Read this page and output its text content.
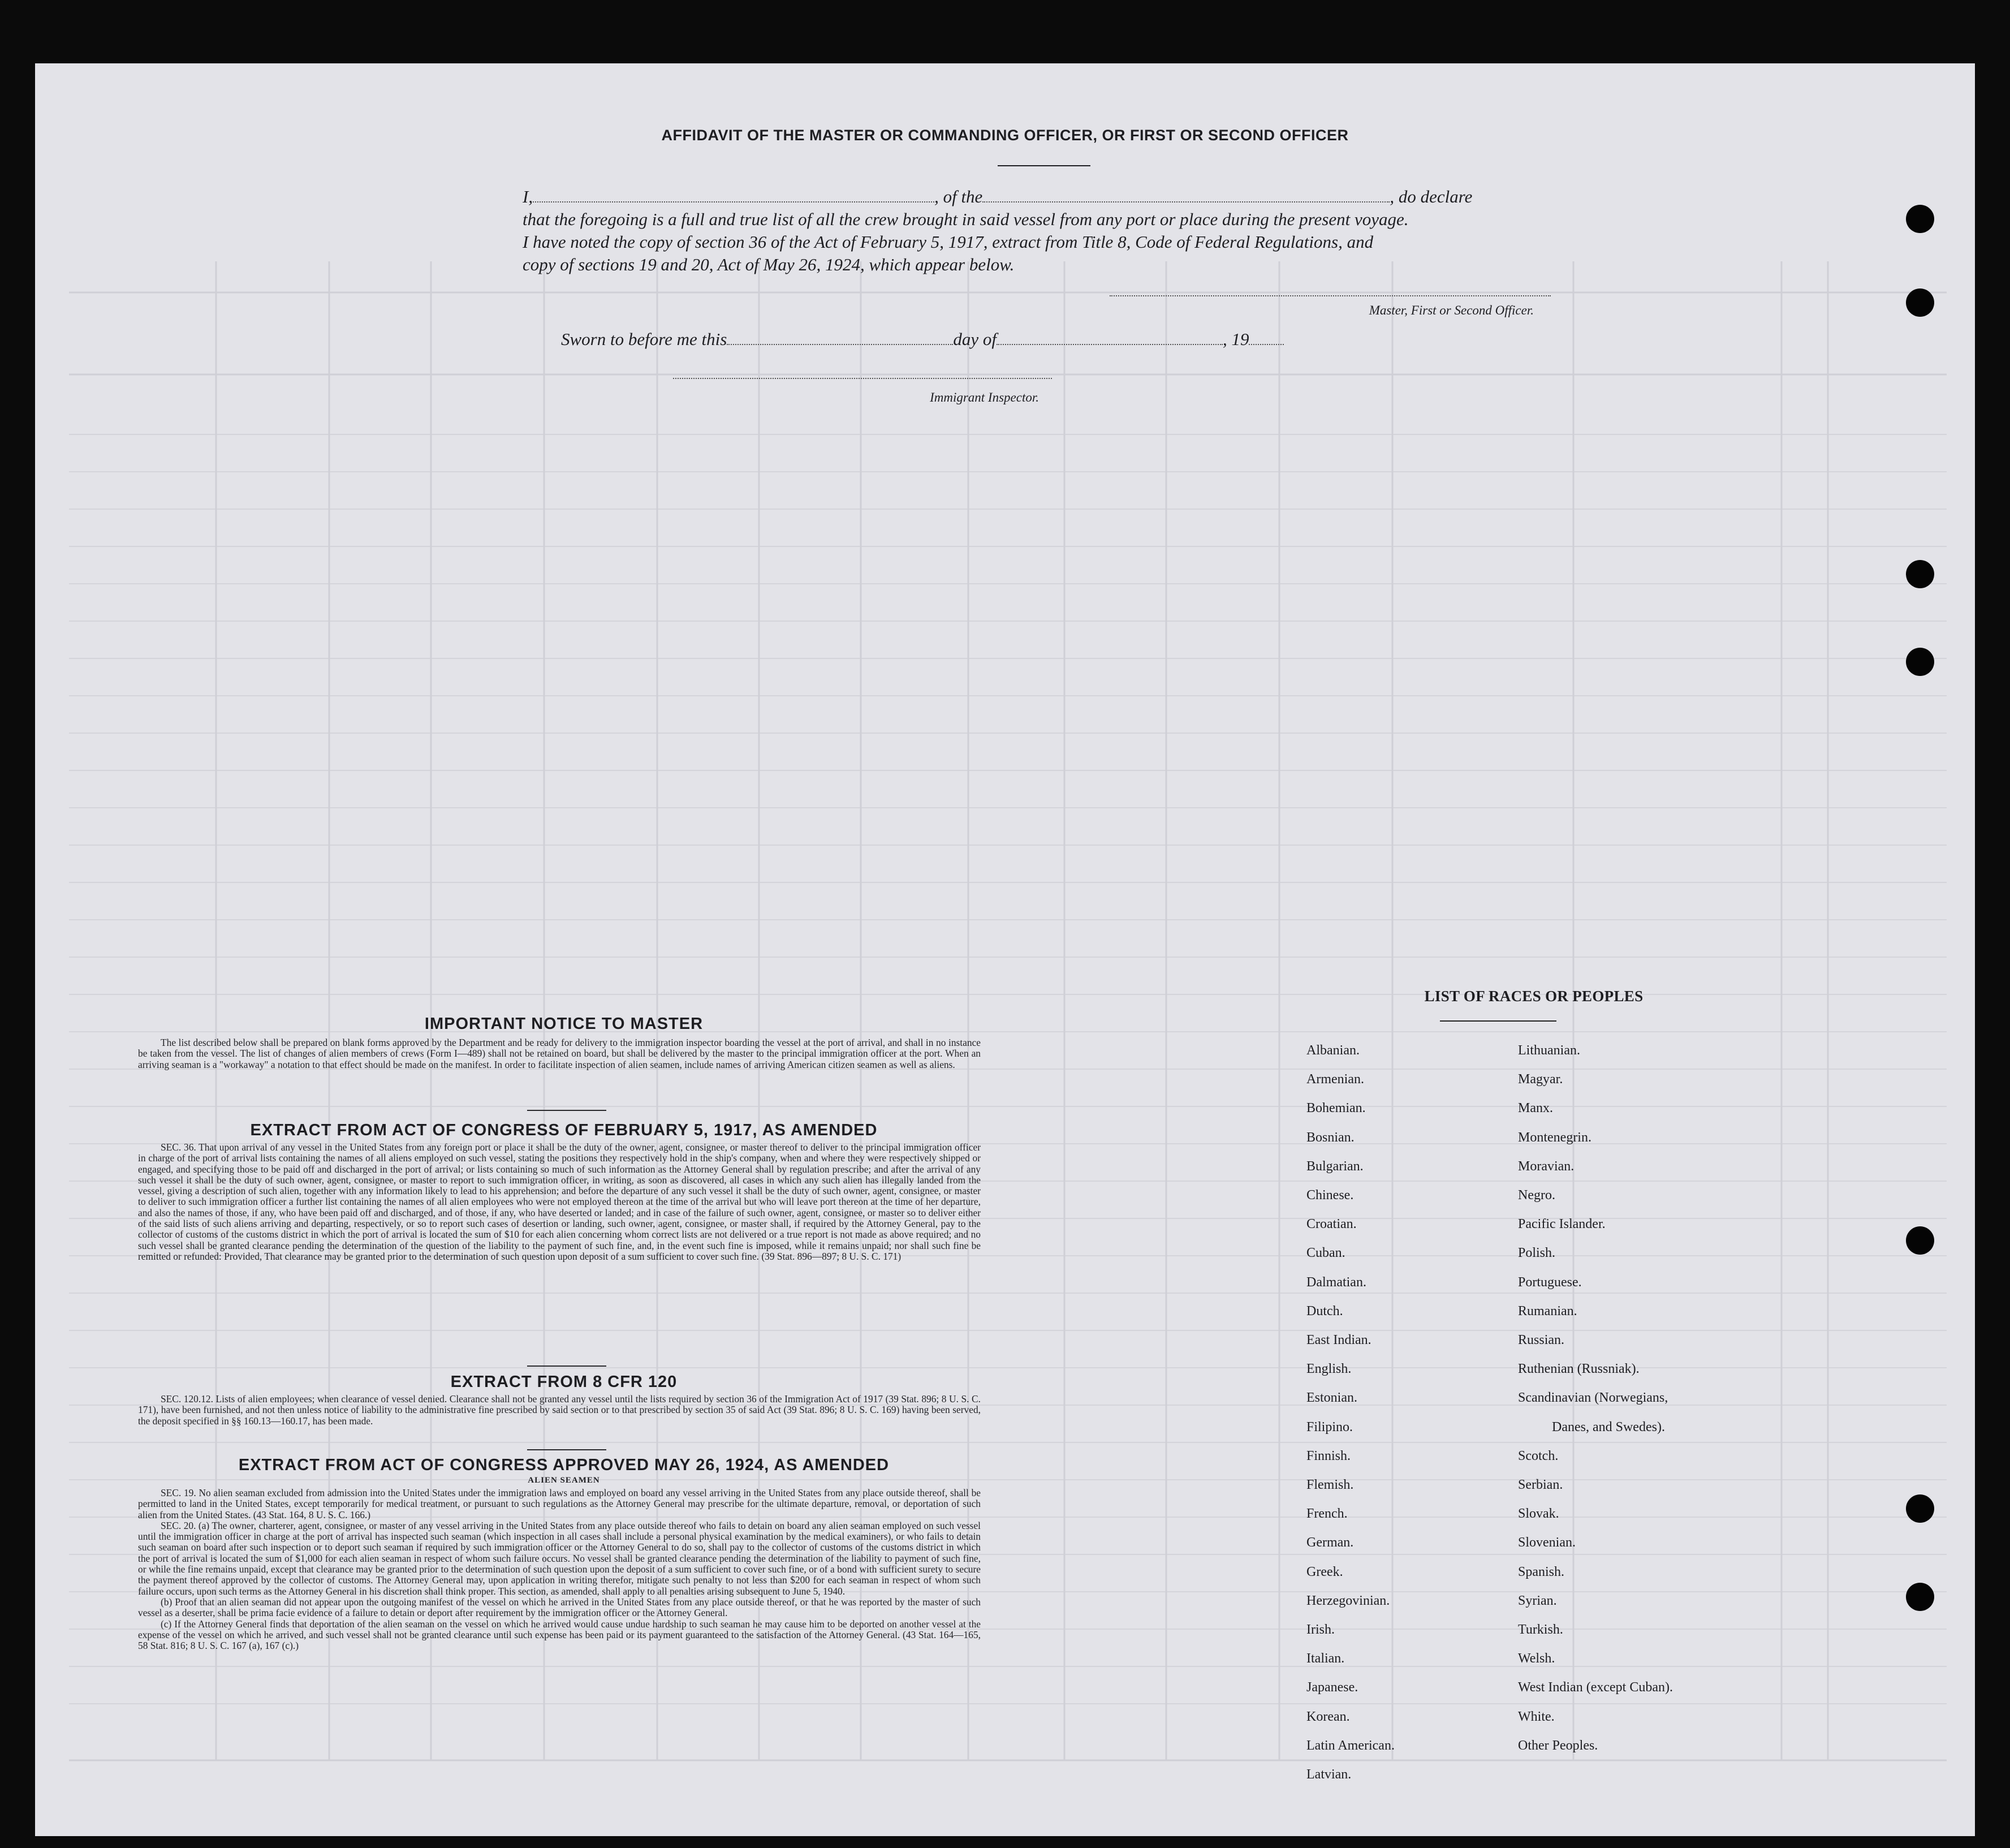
AFFIDAVIT OF THE MASTER OR COMMANDING OFFICER, OR FIRST OR SECOND OFFICER
I,	, of the	, do declare
that the foregoing is a full and true list of all the crew brought in said vessel from any port or place during the present voyage.
I have noted the copy of section 36 of the Act of February 5, 1917, extract from Title 8, Code of Federal Regulations, and
copy of sections 19 and 20, Act of May 26, 1924, which appear below.
Master, First or Second Officer.
Sworn to before me this	day of	, 19
Immigrant Inspector.
IMPORTANT NOTICE TO MASTER

The list described below shall be prepared on blank forms approved by the Department and be ready for delivery to the immigration inspector boarding the vessel at the port of arrival, and shall in no instance be taken from the vessel. The list of changes of alien members of crews (Form I—489) shall not be retained on board, but shall be delivered by the master to the principal immigration officer at the port. When an arriving seaman is a "workaway" a notation to that effect should be made on the manifest. In order to facilitate inspection of alien seamen, include names of arriving American citizen seamen as well as aliens.

EXTRACT FROM ACT OF CONGRESS OF FEBRUARY 5, 1917, AS AMENDED

SEC. 36. That upon arrival of any vessel in the United States from any foreign port or place it shall be the duty of the owner, agent, consignee, or master thereof to deliver to the principal immigration officer in charge of the port of arrival lists containing the names of all aliens employed on such vessel, stating the positions they respectively hold in the ship's company, when and where they were respectively shipped or engaged, and specifying those to be paid off and discharged in the port of arrival; or lists containing so much of such information as the Attorney General shall by regulation prescribe; and after the arrival of any such vessel it shall be the duty of such owner, agent, consignee, or master to report to such immigration officer, in writing, as soon as discovered, all cases in which any such alien has illegally landed from the vessel, giving a description of such alien, together with any information likely to lead to his apprehension; and before the departure of any such vessel it shall be the duty of such owner, agent, consignee, or master to deliver to such immigration officer a further list containing the names of all alien employees who were not employed thereon at the time of the arrival but who will leave port thereon at the time of her departure, and also the names of those, if any, who have been paid off and discharged, and of those, if any, who have deserted or landed; and in case of the failure of such owner, agent, consignee, or master so to deliver either of the said lists of such aliens arriving and departing, respectively, or so to report such cases of desertion or landing, such owner, agent, consignee, or master shall, if required by the Attorney General, pay to the collector of customs of the customs district in which the port of arrival is located the sum of $10 for each alien concerning whom correct lists are not delivered or a true report is not made as above required; and no such vessel shall be granted clearance pending the determination of the question of the liability to the payment of such fine, and, in the event such fine is imposed, while it remains unpaid; nor shall such fine be remitted or refunded: Provided, That clearance may be granted prior to the determination of such question upon deposit of a sum sufficient to cover such fine. (39 Stat. 896—897; 8 U. S. C. 171)

EXTRACT FROM 8 CFR 120

SEC. 120.12. Lists of alien employees; when clearance of vessel denied. Clearance shall not be granted any vessel until the lists required by section 36 of the Immigration Act of 1917 (39 Stat. 896; 8 U. S. C. 171), have been furnished, and not then unless notice of liability to the administrative fine prescribed by said section or to that prescribed by section 35 of said Act (39 Stat. 896; 8 U. S. C. 169) having been served, the deposit specified in §§ 160.13—160.17, has been made.

EXTRACT FROM ACT OF CONGRESS APPROVED MAY 26, 1924, AS AMENDED
ALIEN SEAMEN

SEC. 19. No alien seaman excluded from admission into the United States under the immigration laws and employed on board any vessel arriving in the United States from any place outside thereof, shall be permitted to land in the United States, except temporarily for medical treatment, or pursuant to such regulations as the Attorney General may prescribe for the ultimate departure, removal, or deportation of such alien from the United States. (43 Stat. 164, 8 U. S. C. 166.)

SEC. 20. (a) The owner, charterer, agent, consignee, or master of any vessel arriving in the United States from any place outside thereof who fails to detain on board any alien seaman employed on such vessel until the immigration officer in charge at the port of arrival has inspected such seaman (which inspection in all cases shall include a personal physical examination by the medical examiners), or who fails to detain such seaman on board after such inspection or to deport such seaman if required by such immigration officer or the Attorney General to do so, shall pay to the collector of customs of the customs district in which the port of arrival is located the sum of $1,000 for each alien seaman in respect of whom such failure occurs. No vessel shall be granted clearance pending the determination of the liability to payment of such fine, or while the fine remains unpaid, except that clearance may be granted prior to the determination of such question upon the deposit of a sum sufficient to cover such fine, or of a bond with sufficient surety to secure the payment thereof approved by the collector of customs. The Attorney General may, upon application in writing therefor, mitigate such penalty to not less than $200 for each seaman in respect of whom such failure occurs, upon such terms as the Attorney General in his discretion shall think proper. This section, as amended, shall apply to all penalties arising subsequent to June 5, 1940.

(b) Proof that an alien seaman did not appear upon the outgoing manifest of the vessel on which he arrived in the United States from any place outside thereof, or that he was reported by the master of such vessel as a deserter, shall be prima facie evidence of a failure to detain or deport after requirement by the immigration officer or the Attorney General.

(c) If the Attorney General finds that deportation of the alien seaman on the vessel on which he arrived would cause undue hardship to such seaman he may cause him to be deported on another vessel at the expense of the vessel on which he arrived, and such vessel shall not be granted clearance until such expense has been paid or its payment guaranteed to the satisfaction of the Attorney General. (43 Stat. 164—165, 58 Stat. 816; 8 U. S. C. 167 (a), 167 (c).)

LIST OF RACES OR PEOPLES
Albanian.
Armenian.
Bohemian.
Bosnian.
Bulgarian.
Chinese.
Croatian.
Cuban.
Dalmatian.
Dutch.
East Indian.
English.
Estonian.
Filipino.
Finnish.
Flemish.
French.
German.
Greek.
Herzegovinian.
Irish.
Italian.
Japanese.
Korean.
Latin American.
Latvian.
Lithuanian.
Magyar.
Manx.
Montenegrin.
Moravian.
Negro.
Pacific Islander.
Polish.
Portuguese.
Rumanian.
Russian.
Ruthenian (Russniak).
Scandinavian (Norwegians,
Danes, and Swedes).
Scotch.
Serbian.
Slovak.
Slovenian.
Spanish.
Syrian.
Turkish.
Welsh.
West Indian (except Cuban).
White.
Other Peoples.
